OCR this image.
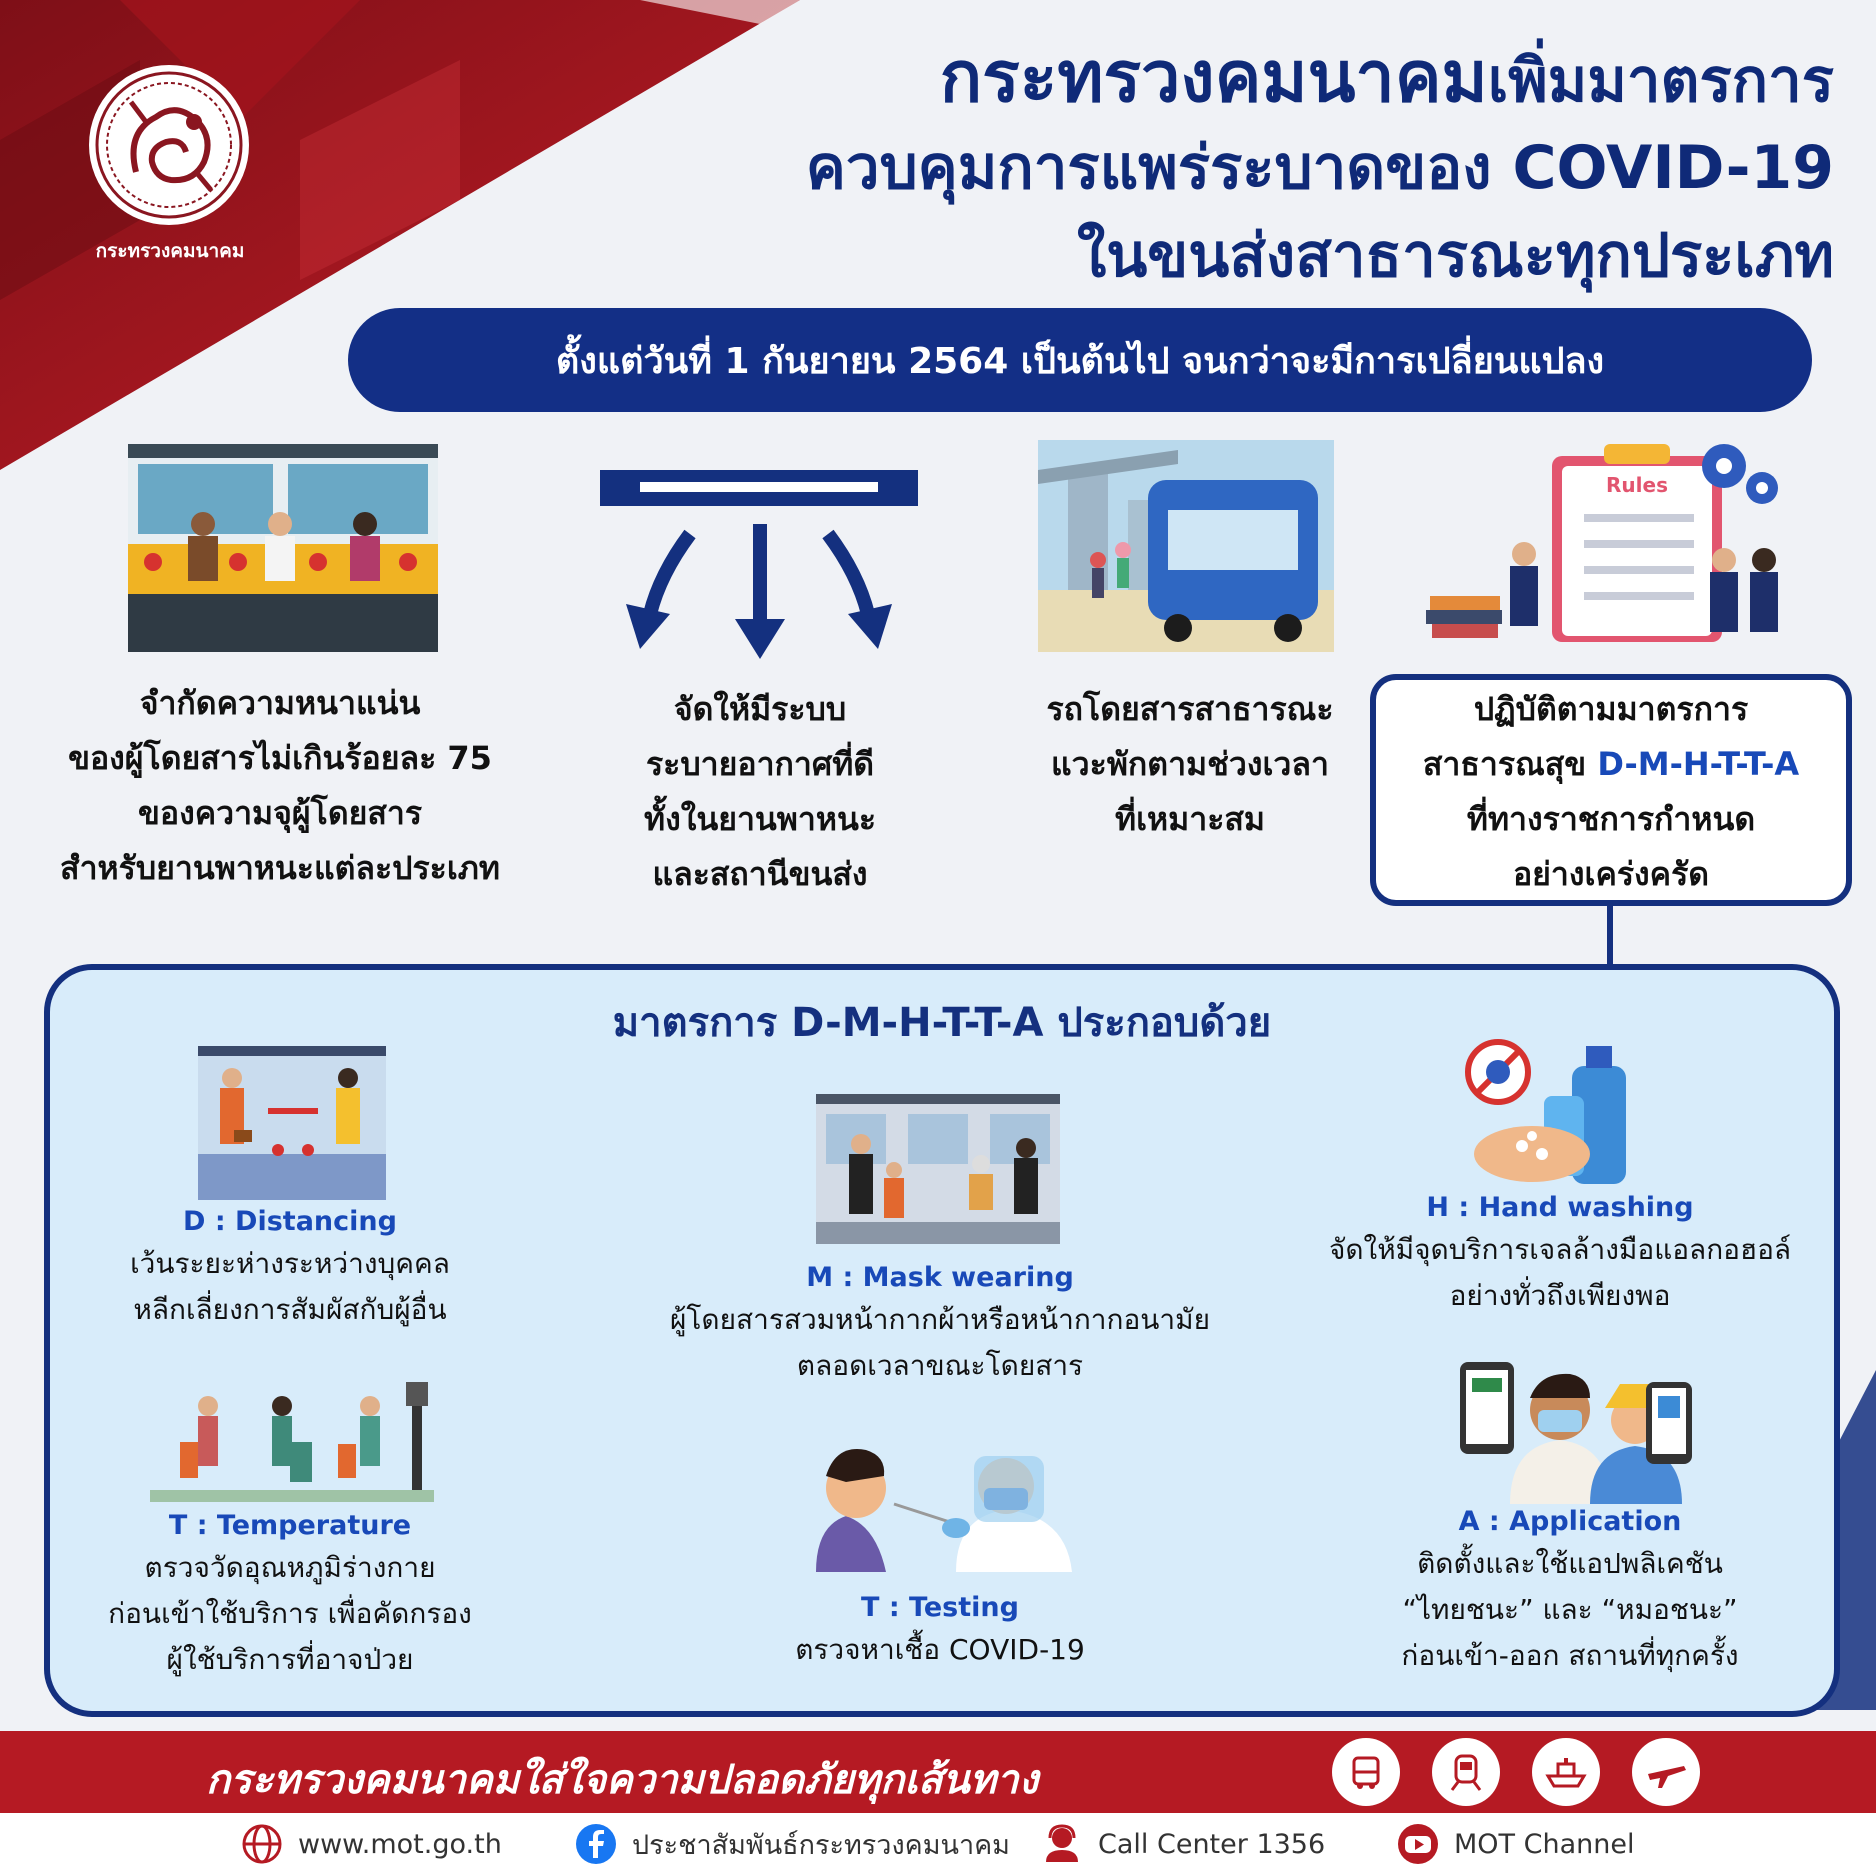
กระทรวงคมนาคม
กระทรวงคมนาคมเพิ่มมาตรการ
ควบคุมการแพร่ระบาดของ COVID-19
ในขนส่งสาธารณะทุกประเภท
ตั้งแต่วันที่ 1 กันยายน 2564 เป็นต้นไป จนกว่าจะมีการเปลี่ยนแปลง
Rules
จำกัดความหนาแน่น
ของผู้โดยสารไม่เกินร้อยละ 75
ของความจุผู้โดยสาร
สำหรับยานพาหนะแต่ละประเภท
จัดให้มีระบบ
ระบายอากาศที่ดี
ทั้งในยานพาหนะ
และสถานีขนส่ง
รถโดยสารสาธารณะ
แวะพักตามช่วงเวลา
ที่เหมาะสม
ปฏิบัติตามมาตรการ
สาธารณสุข D-M-H-T-T-A
ที่ทางราชการกำหนด
อย่างเคร่งครัด
มาตรการ D-M-H-T-T-A ประกอบด้วย
D : Distancing
เว้นระยะห่างระหว่างบุคคล
หลีกเลี่ยงการสัมผัสกับผู้อื่น
M : Mask wearing
ผู้โดยสารสวมหน้ากากผ้าหรือหน้ากากอนามัย
ตลอดเวลาขณะโดยสาร
H : Hand washing
จัดให้มีจุดบริการเจลล้างมือแอลกอฮอล์
อย่างทั่วถึงเพียงพอ
T : Temperature
ตรวจวัดอุณหภูมิร่างกาย
ก่อนเข้าใช้บริการ เพื่อคัดกรอง
ผู้ใช้บริการที่อาจป่วย
T : Testing
ตรวจหาเชื้อ COVID-19
A : Application
ติดตั้งและใช้แอปพลิเคชัน
“ไทยชนะ” และ “หมอชนะ”
ก่อนเข้า-ออก สถานที่ทุกครั้ง
กระทรวงคมนาคมใส่ใจความปลอดภัยทุกเส้นทาง
www.mot.go.th	ประชาสัมพันธ์กระทรวงคมนาคม	Call Center 1356	MOT Channel
